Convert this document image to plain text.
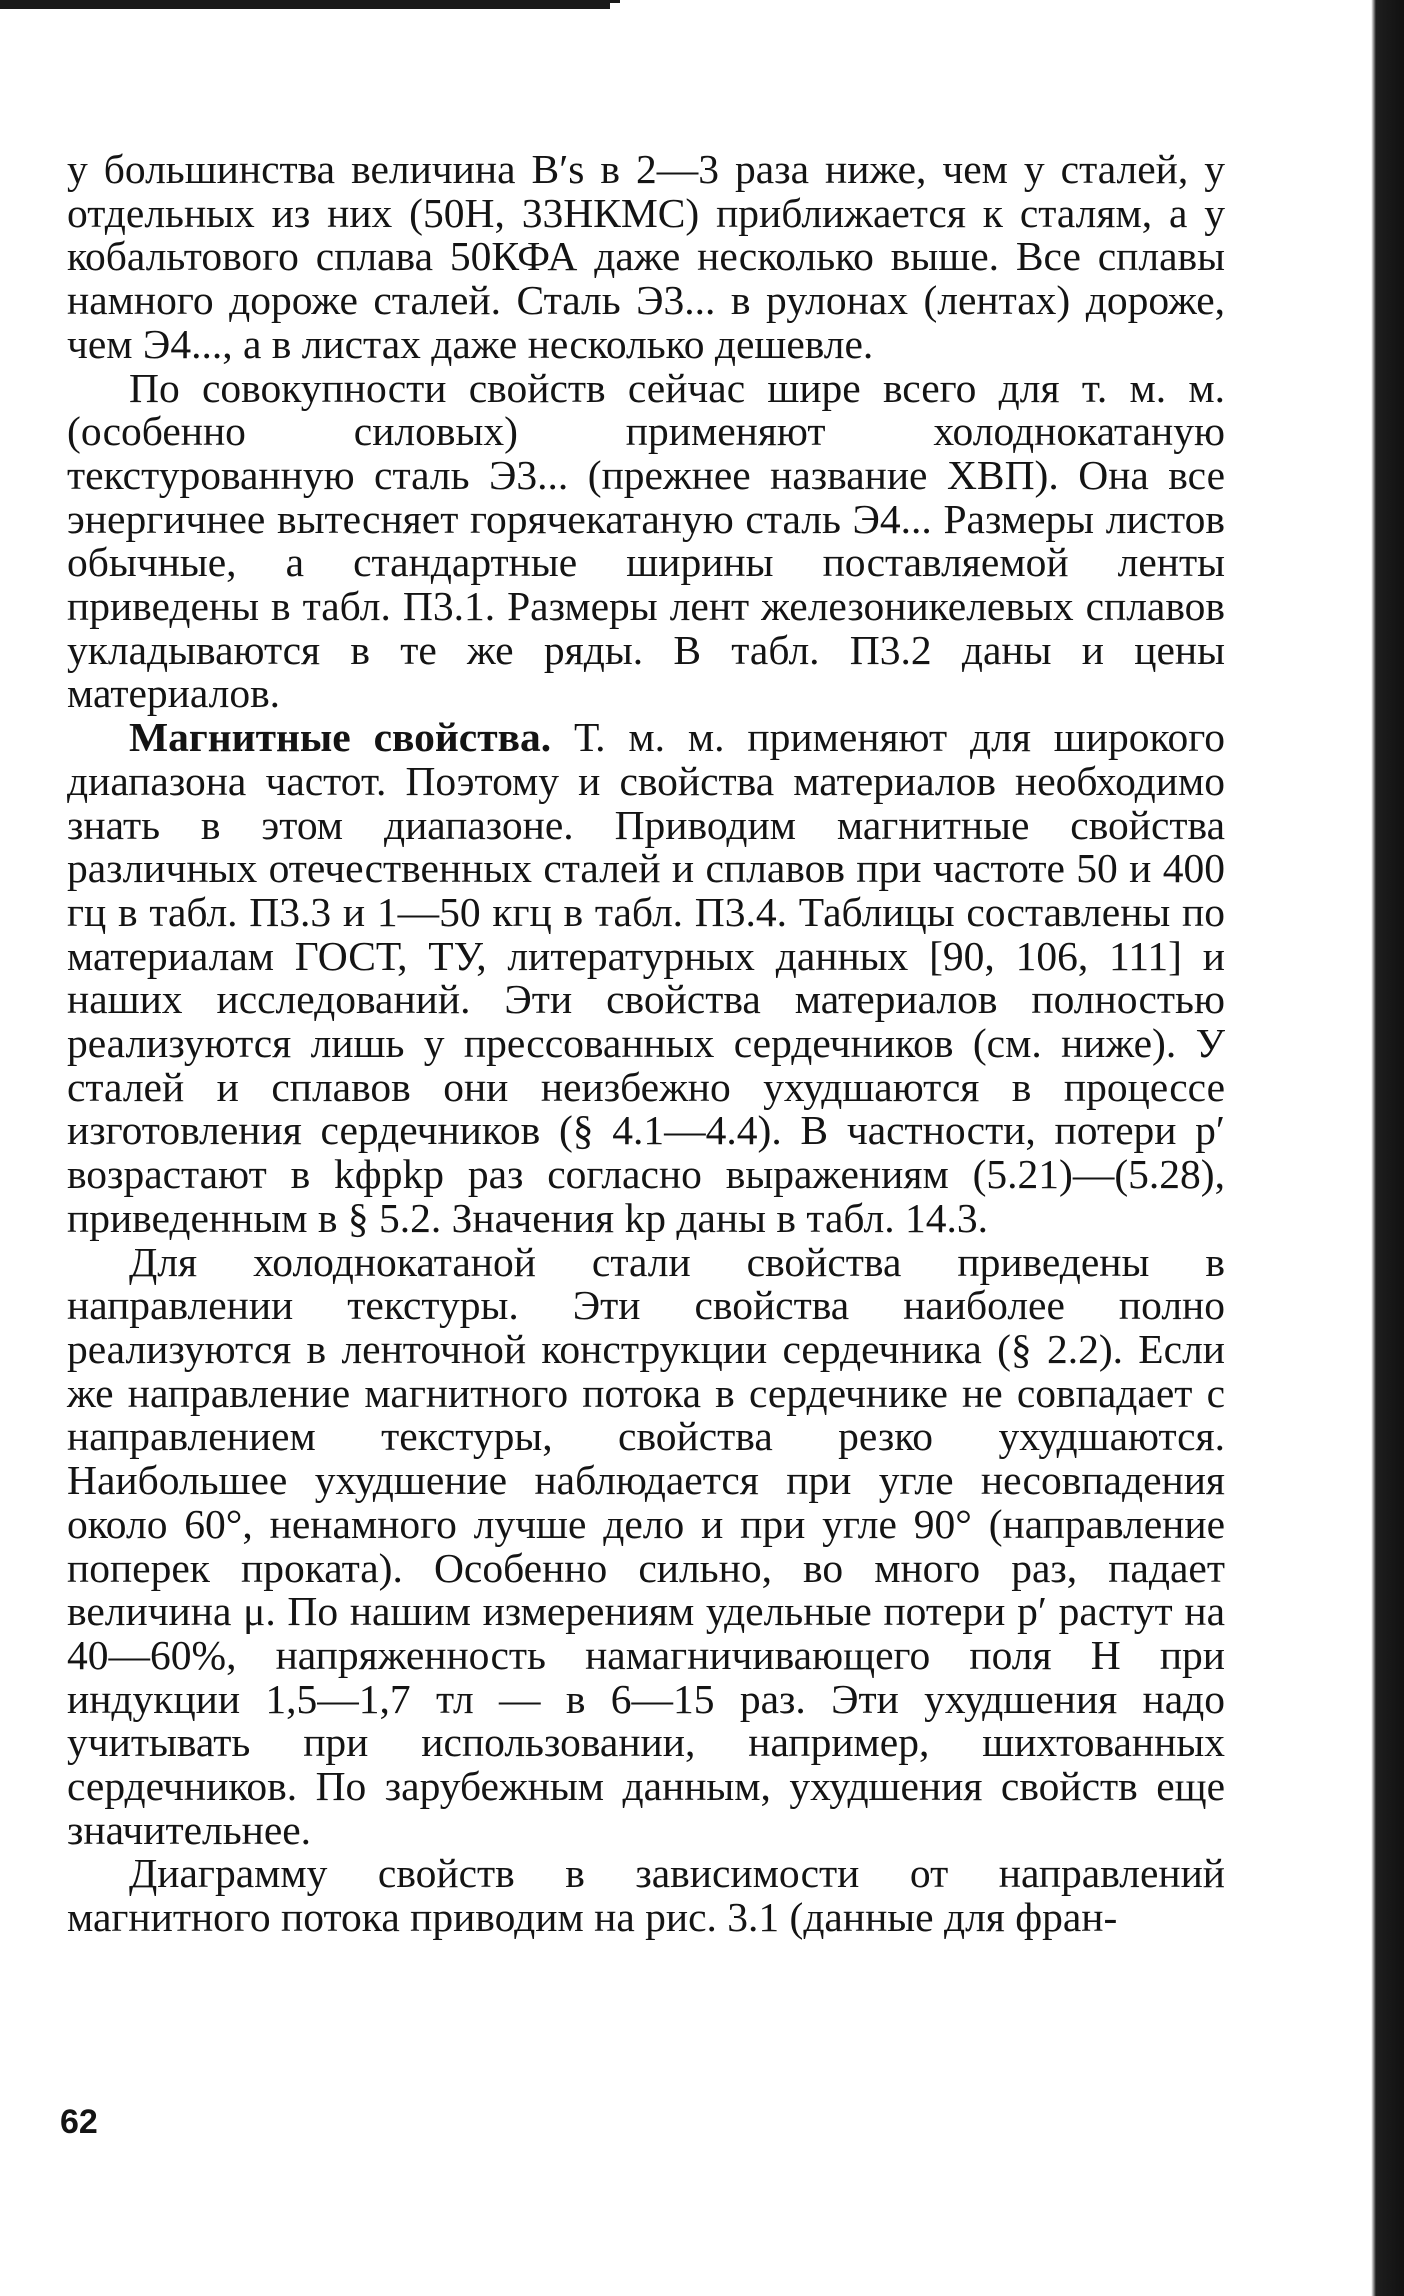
у большинства величина B′s в 2—3 раза ниже, чем у сталей, у отдельных из них (50Н, 33НКМС) приближается к сталям, а у кобальтового сплава 50КФА даже несколько выше. Все сплавы намного дороже сталей. Сталь Э3... в рулонах (лентах) дороже, чем Э4..., а в листах даже несколько дешевле.

По совокупности свойств сейчас шире всего для т. м. м. (особенно силовых) применяют холоднокатаную текстурованную сталь Э3... (прежнее название ХВП). Она все энергичнее вытесняет горячекатаную сталь Э4... Размеры листов обычные, а стандартные ширины поставляемой ленты приведены в табл. П3.1. Размеры лент железоникелевых сплавов укладываются в те же ряды. В табл. П3.2 даны и цены материалов.

Магнитные свойства. Т. м. м. применяют для широкого диапазона частот. Поэтому и свойства материалов необходимо знать в этом диапазоне. Приводим магнитные свойства различных отечественных сталей и сплавов при частоте 50 и 400 гц в табл. П3.3 и 1—50 кгц в табл. П3.4. Таблицы составлены по материалам ГОСТ, ТУ, литературных данных [90, 106, 111] и наших исследований. Эти свойства материалов полностью реализуются лишь у прессованных сердечников (см. ниже). У сталей и сплавов они неизбежно ухудшаются в процессе изготовления сердечников (§ 4.1—4.4). В частности, потери p′ возрастают в kфрkр раз согласно выражениям (5.21)—(5.28), приведенным в § 5.2. Значения kр даны в табл. 14.3.

Для холоднокатаной стали свойства приведены в направлении текстуры. Эти свойства наиболее полно реализуются в ленточной конструкции сердечника (§ 2.2). Если же направление магнитного потока в сердечнике не совпадает с направлением текстуры, свойства резко ухудшаются. Наибольшее ухудшение наблюдается при угле несовпадения около 60°, ненамного лучше дело и при угле 90° (направление поперек проката). Особенно сильно, во много раз, падает величина μ. По нашим измерениям удельные потери p′ растут на 40—60%, напряженность намагничивающего поля H при индукции 1,5—1,7 тл — в 6—15 раз. Эти ухудшения надо учитывать при использовании, например, шихтованных сердечников. По зарубежным данным, ухудшения свойств еще значительнее.

Диаграмму свойств в зависимости от направлений магнитного потока приводим на рис. 3.1 (данные для фран-

62
